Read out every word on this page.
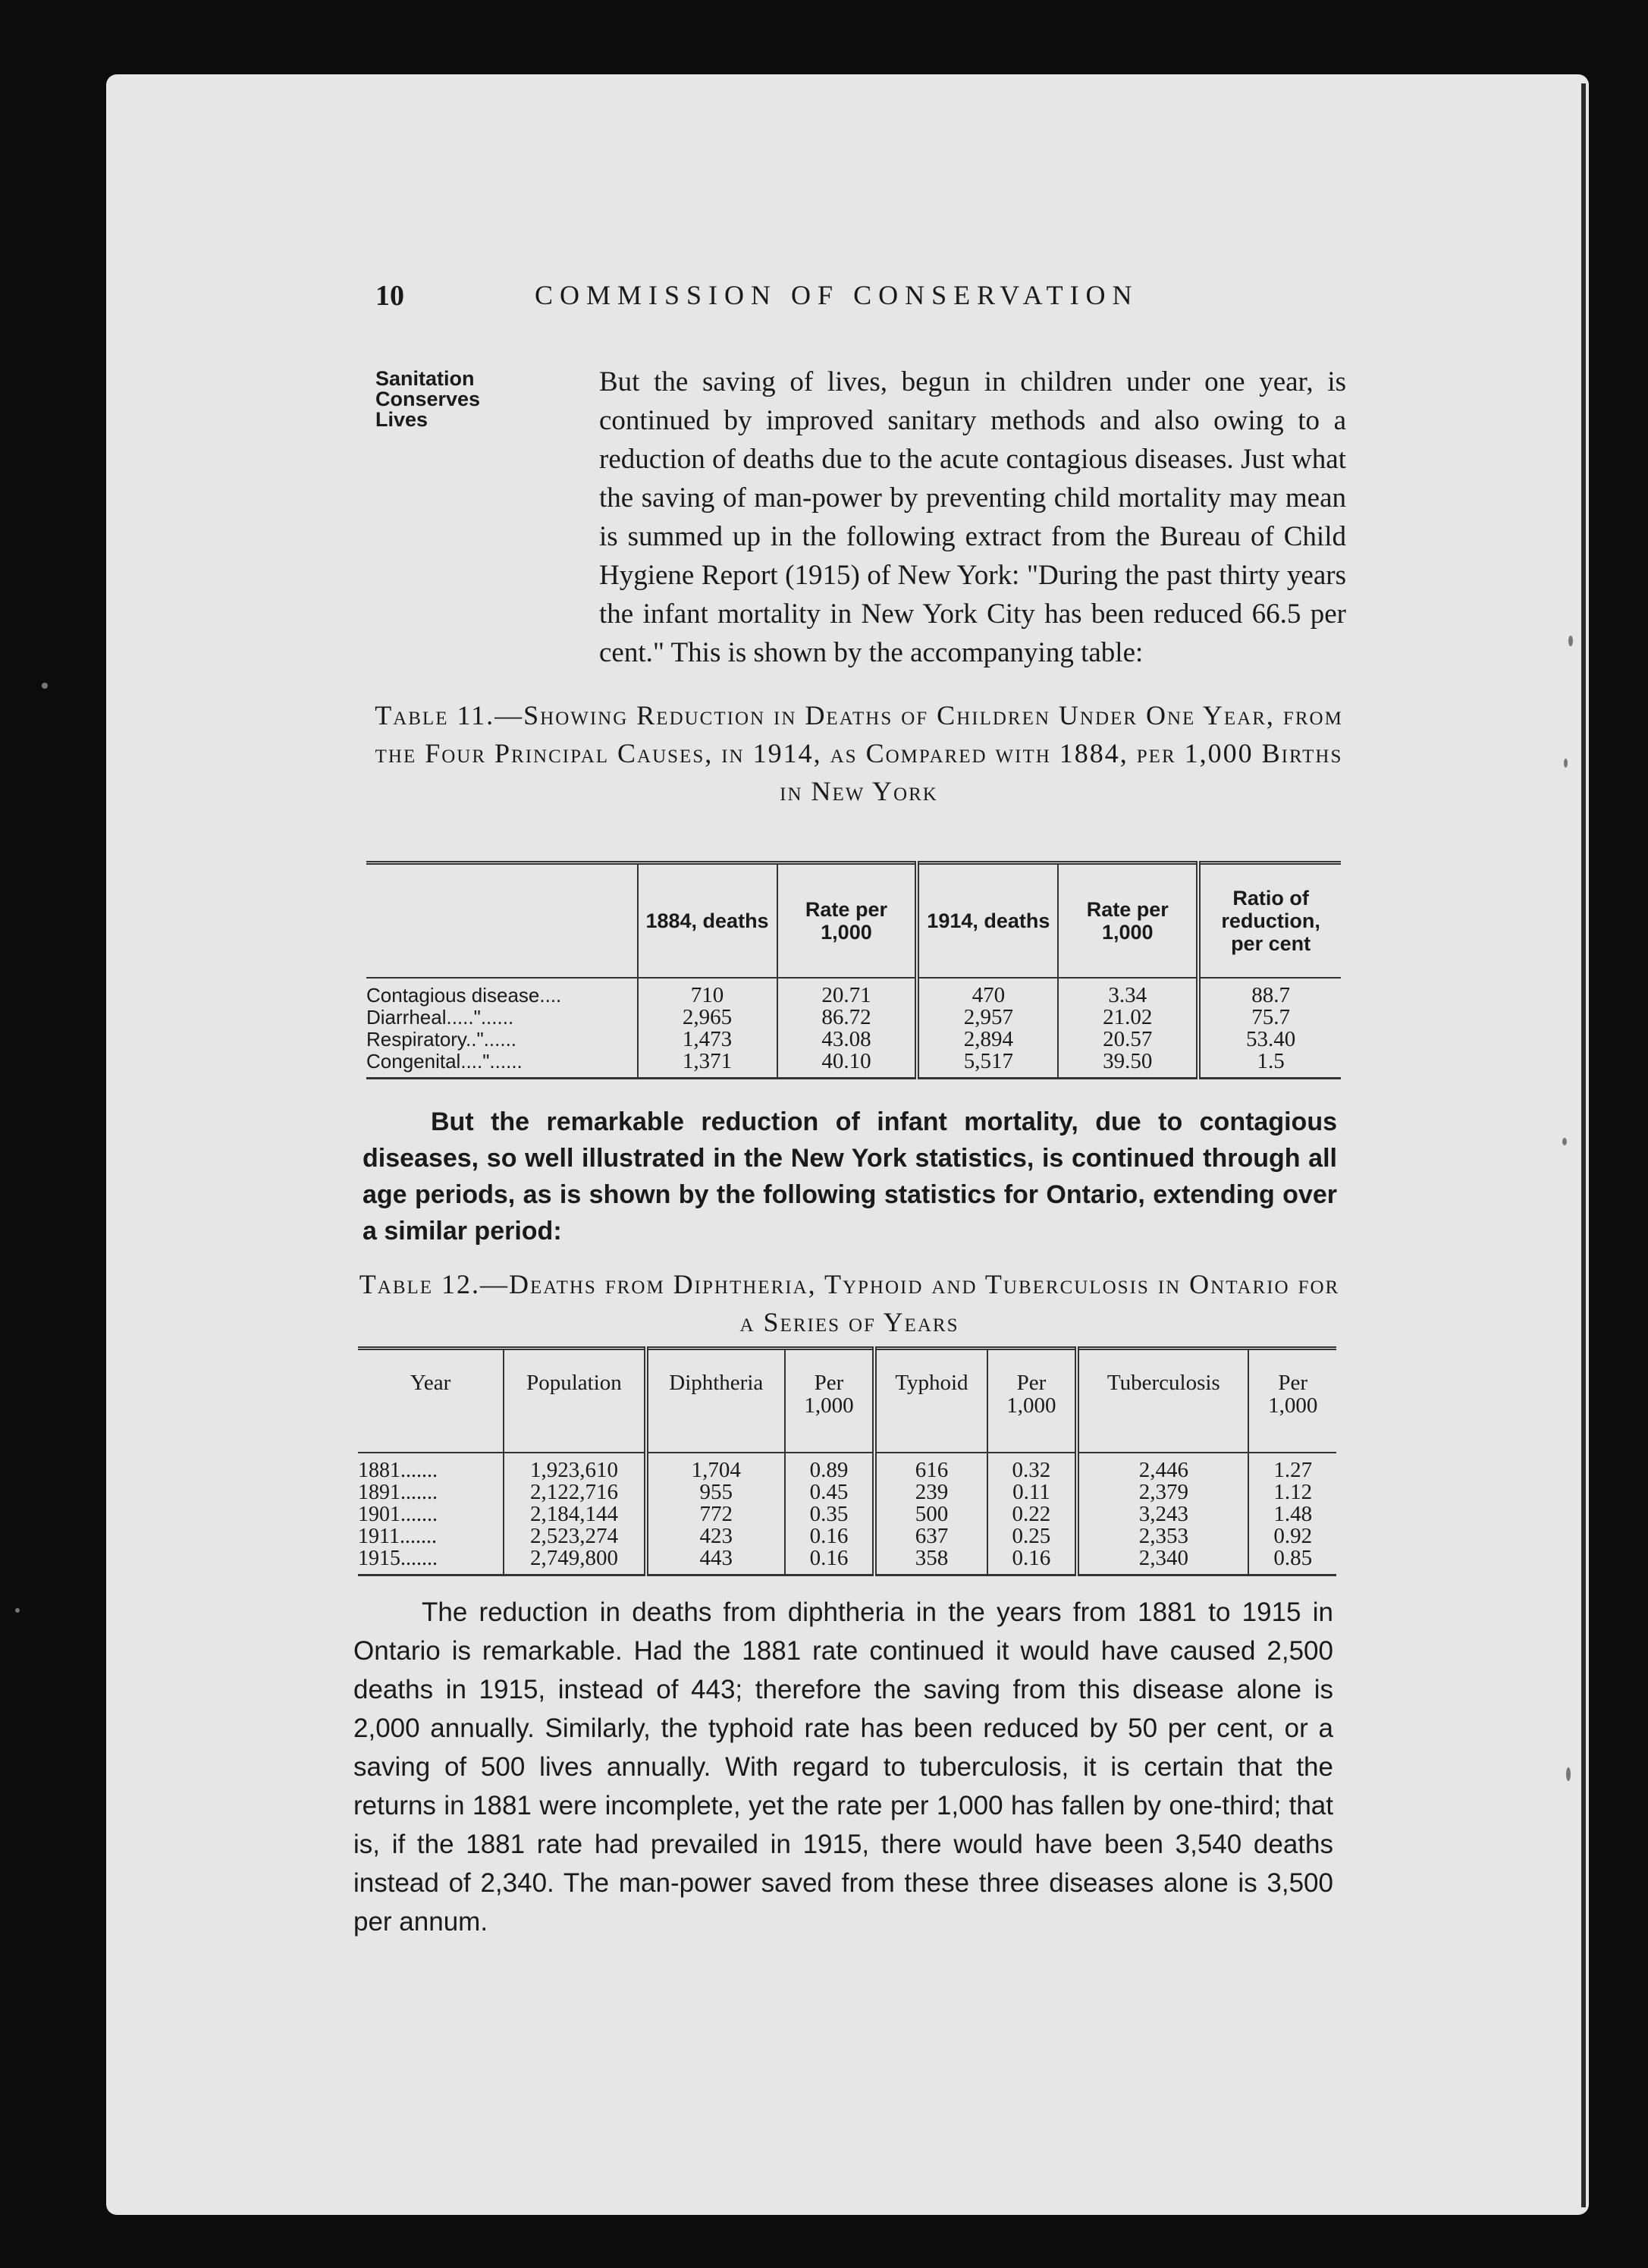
10	COMMISSION OF CONSERVATION
Sanitation
Conserves
Lives
But the saving of lives, begun in children under one year, is continued by improved sanitary methods and also owing to a reduction of deaths due to the acute contagious diseases. Just what the saving of man-power by preventing child mortality may mean is summed up in the following extract from the Bureau of Child Hygiene Report (1915) of New York: "During the past thirty years the infant mortality in New York City has been reduced 66.5 per cent." This is shown by the accompanying table:
Table 11.—Showing Reduction in Deaths of Children Under One Year, from the Four Principal Causes, in 1914, as Compared with 1884, per 1,000 Births in New York
	1884, deaths	Rate per 1,000	1914, deaths	Rate per 1,000	Ratio of reduction, per cent
Contagious disease....	710	20.71	470	3.34	88.7
Diarrheal....."......	2,965	86.72	2,957	21.02	75.7
Respiratory.."......	1,473	43.08	2,894	20.57	53.40
Congenital...."......	1,371	40.10	5,517	39.50	1.5
But the remarkable reduction of infant mortality, due to contagious diseases, so well illustrated in the New York statistics, is continued through all age periods, as is shown by the following statistics for Ontario, extending over a similar period:
Table 12.—Deaths from Diphtheria, Typhoid and Tuberculosis in Ontario for a Series of Years
Year	Population	Diphtheria	Per 1,000	Typhoid	Per 1,000	Tuberculosis	Per 1,000
1881.......	1,923,610	1,704	0.89	616	0.32	2,446	1.27
1891.......	2,122,716	955	0.45	239	0.11	2,379	1.12
1901.......	2,184,144	772	0.35	500	0.22	3,243	1.48
1911.......	2,523,274	423	0.16	637	0.25	2,353	0.92
1915.......	2,749,800	443	0.16	358	0.16	2,340	0.85
The reduction in deaths from diphtheria in the years from 1881 to 1915 in Ontario is remarkable. Had the 1881 rate continued it would have caused 2,500 deaths in 1915, instead of 443; therefore the saving from this disease alone is 2,000 annually. Similarly, the typhoid rate has been reduced by 50 per cent, or a saving of 500 lives annually. With regard to tuberculosis, it is certain that the returns in 1881 were incomplete, yet the rate per 1,000 has fallen by one-third; that is, if the 1881 rate had prevailed in 1915, there would have been 3,540 deaths instead of 2,340. The man-power saved from these three diseases alone is 3,500 per annum.
